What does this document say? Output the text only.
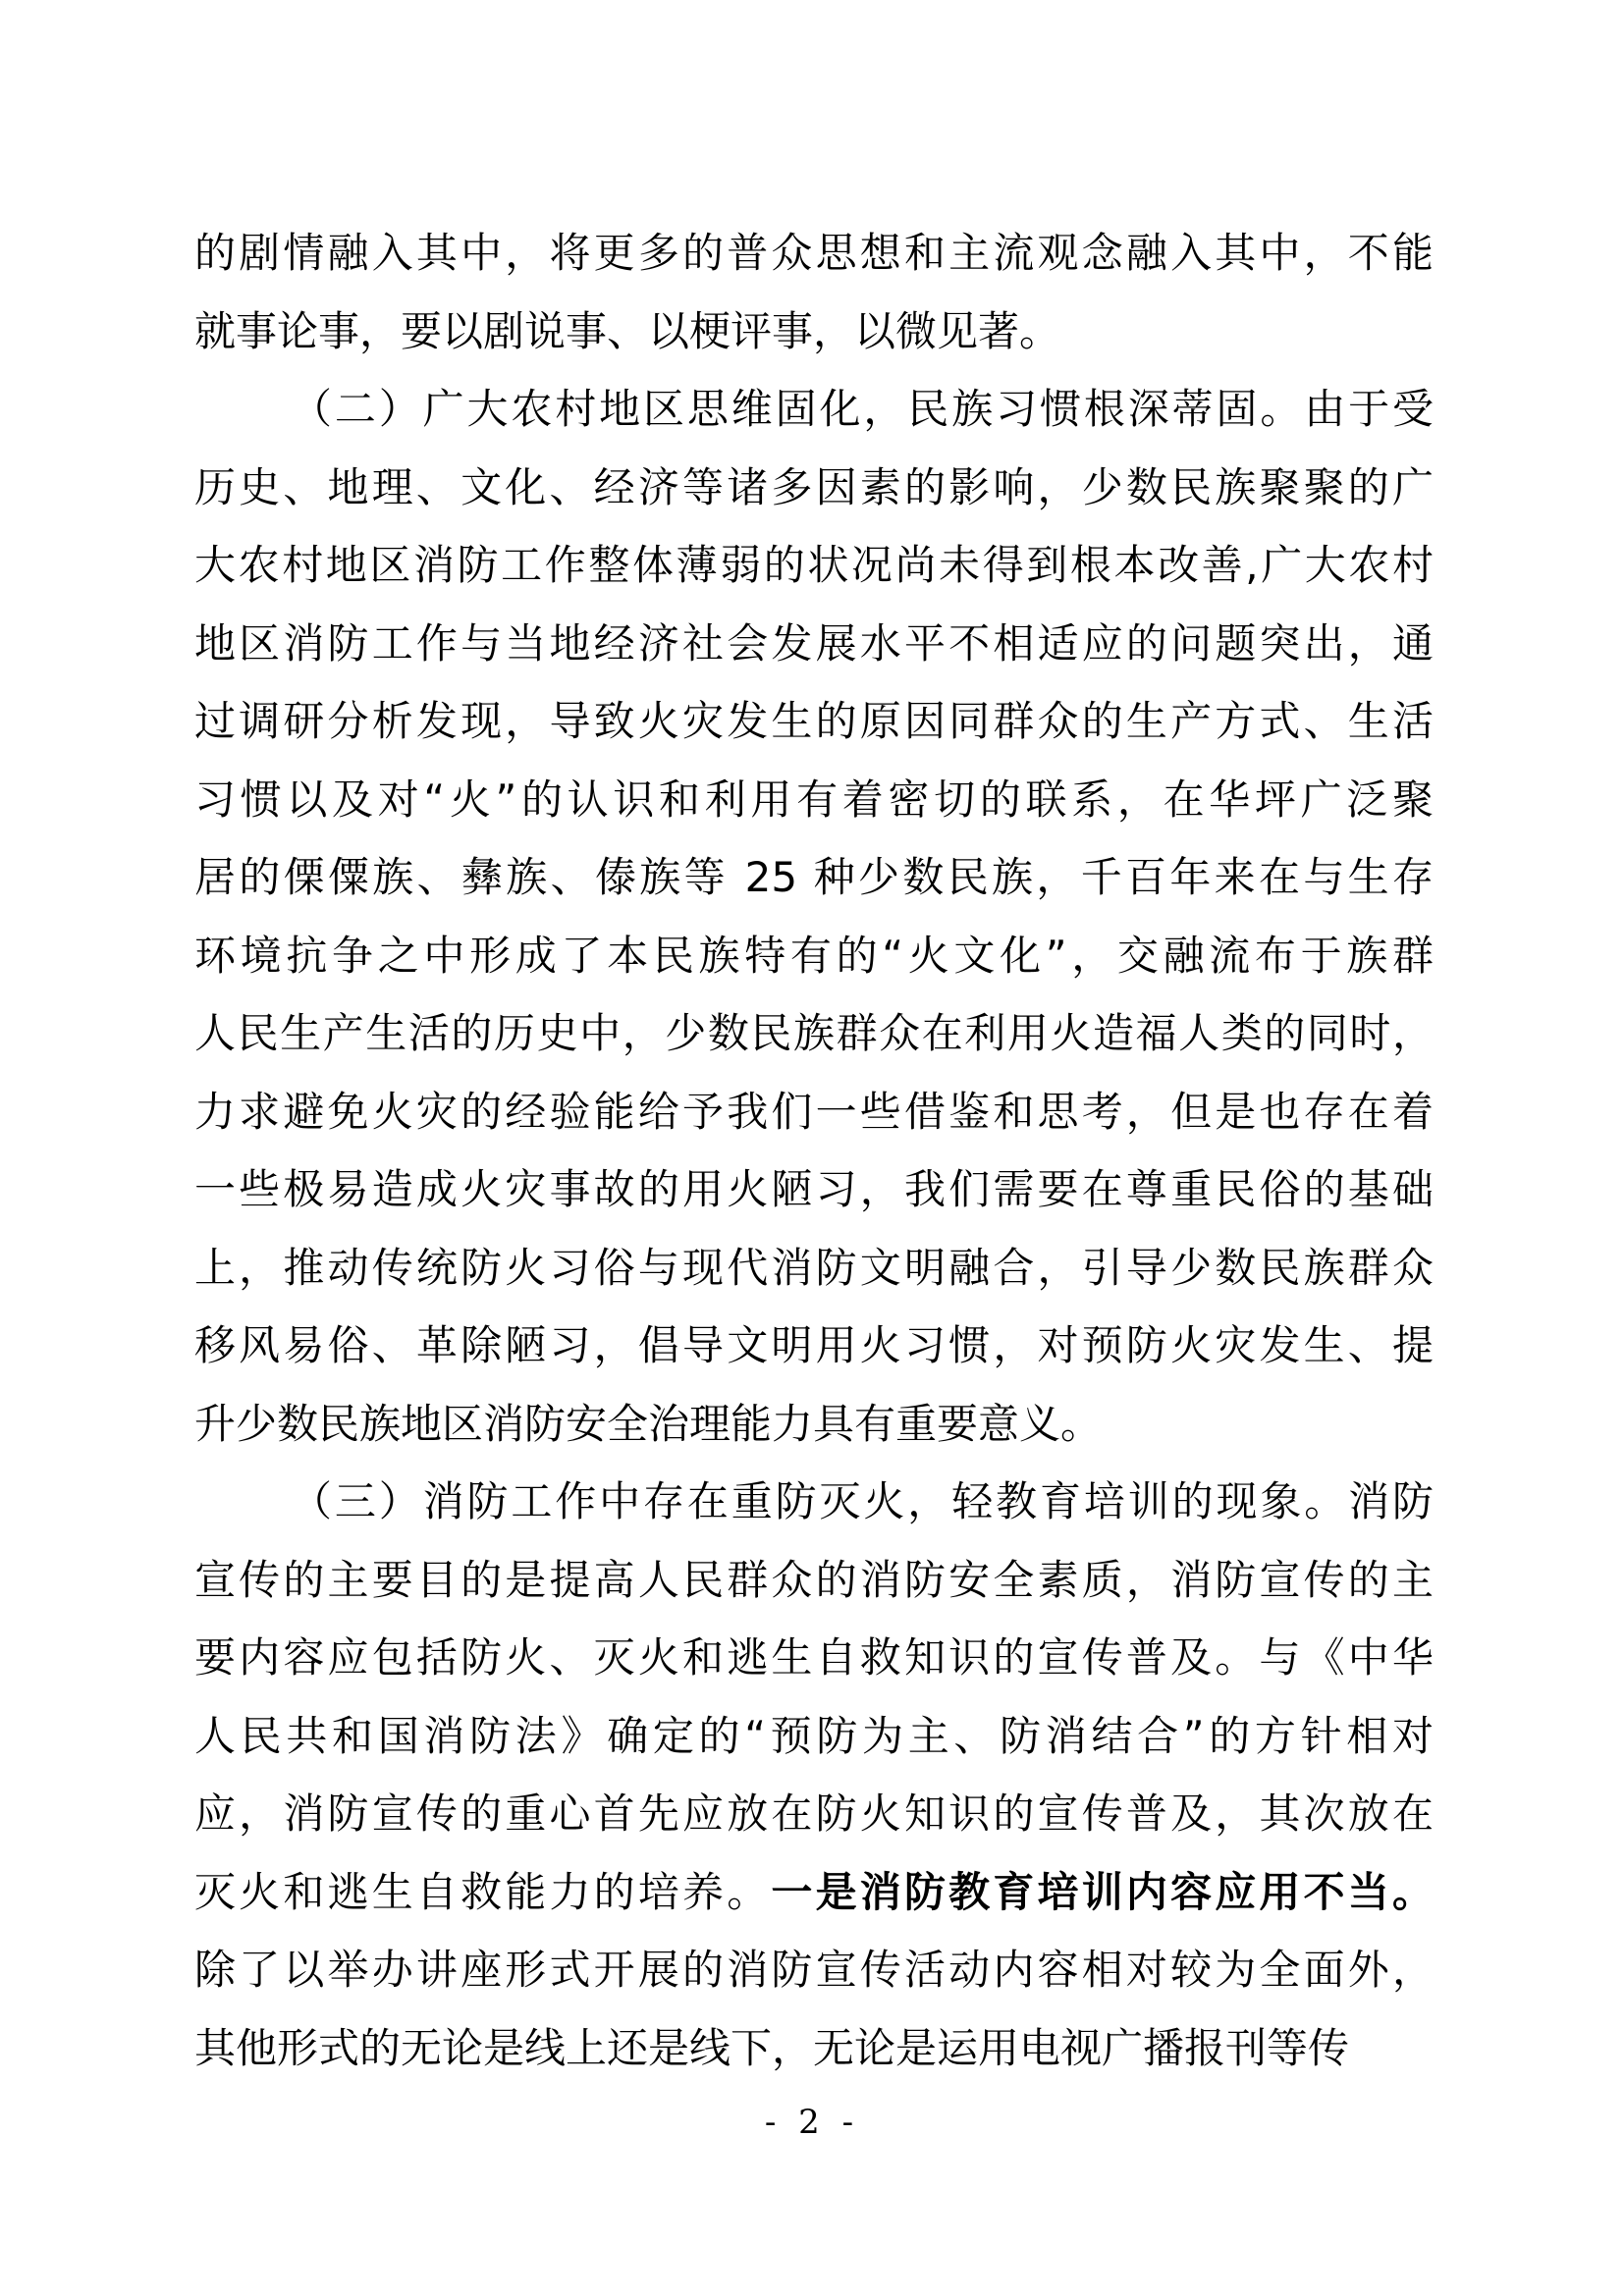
的剧情融入其中，将更多的普众思想和主流观念融入其中，不能
就事论事，要以剧说事、以梗评事，以微见著。
（二）广大农村地区思维固化，民族习惯根深蒂固。由于受
历史、地理、文化、经济等诸多因素的影响，少数民族聚聚的广
大农村地区消防工作整体薄弱的状况尚未得到根本改善,广大农村
地区消防工作与当地经济社会发展水平不相适应的问题突出，通
过调研分析发现，导致火灾发生的原因同群众的生产方式、生活
习惯以及对“火”的认识和利用有着密切的联系，在华坪广泛聚
居的傈僳族、彝族、傣族等 25 种少数民族，千百年来在与生存
环境抗争之中形成了本民族特有的“火文化”，交融流布于族群
人民生产生活的历史中，少数民族群众在利用火造福人类的同时，
力求避免火灾的经验能给予我们一些借鉴和思考，但是也存在着
一些极易造成火灾事故的用火陋习，我们需要在尊重民俗的基础
上，推动传统防火习俗与现代消防文明融合，引导少数民族群众
移风易俗、革除陋习，倡导文明用火习惯，对预防火灾发生、提
升少数民族地区消防安全治理能力具有重要意义。
（三）消防工作中存在重防灭火，轻教育培训的现象。消防
宣传的主要目的是提高人民群众的消防安全素质，消防宣传的主
要内容应包括防火、灭火和逃生自救知识的宣传普及。与《中华
人民共和国消防法》确定的“预防为主、防消结合”的方针相对
应，消防宣传的重心首先应放在防火知识的宣传普及，其次放在
灭火和逃生自救能力的培养。一是消防教育培训内容应用不当。
除了以举办讲座形式开展的消防宣传活动内容相对较为全面外，
其他形式的无论是线上还是线下，无论是运用电视广播报刊等传
- 2 -
